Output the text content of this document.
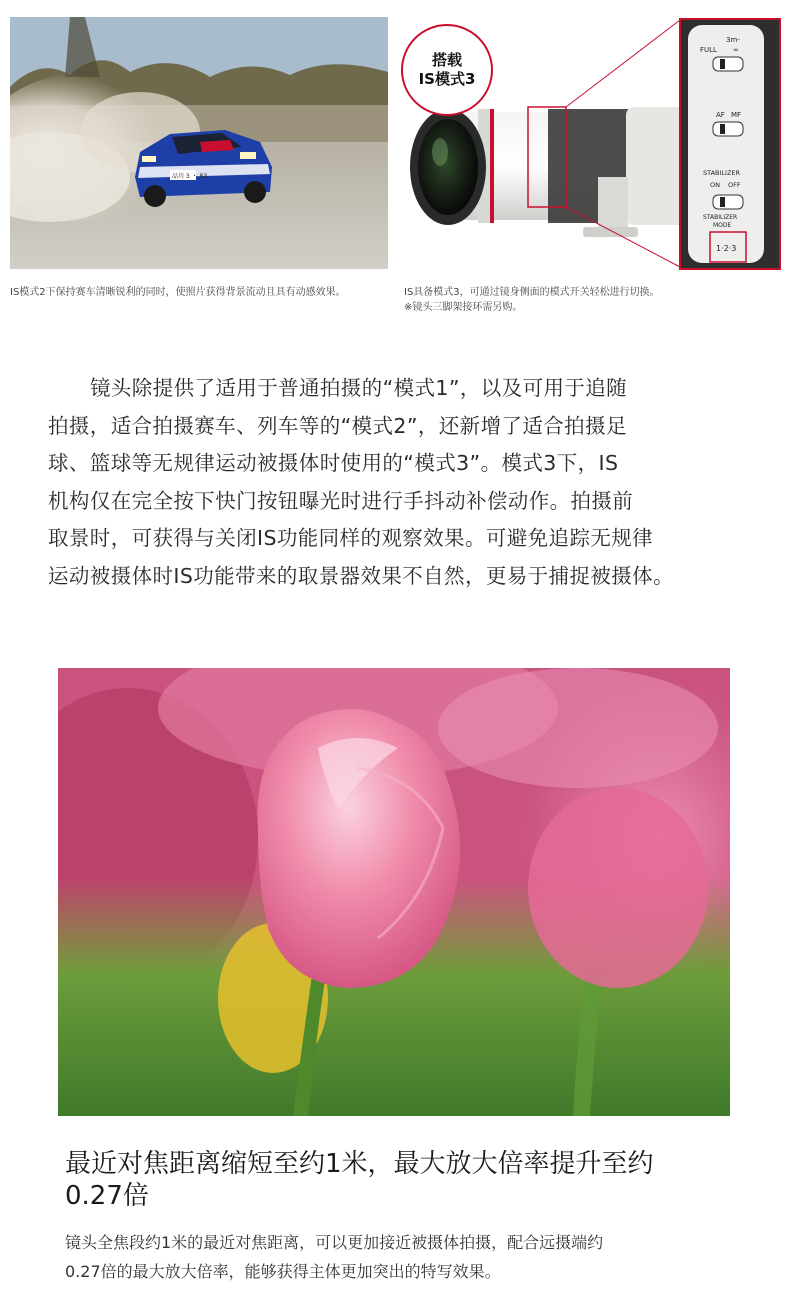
品川 3 ・ 83
IS模式2下保持赛车清晰锐利的同时，使照片获得背景流动且具有动感效果。
3m-
FULL ∞
AF MF
STABILIZER
ON OFF
STABILIZER
MODE
1·2·3
搭载
IS模式3
IS具备模式3，可通过镜身侧面的模式开关轻松进行切换。
※镜头三脚架接环需另购。
镜头除提供了适用于普通拍摄的“模式1”，以及可用于追随
拍摄，适合拍摄赛车、列车等的“模式2”，还新增了适合拍摄足
球、篮球等无规律运动被摄体时使用的“模式3”。模式3下，IS
机构仅在完全按下快门按钮曝光时进行手抖动补偿动作。拍摄前
取景时，可获得与关闭IS功能同样的观察效果。可避免追踪无规律
运动被摄体时IS功能带来的取景器效果不自然，更易于捕捉被摄体。
最近对焦距离缩短至约1米，最大放大倍率提升至约
0.27倍
镜头全焦段约1米的最近对焦距离，可以更加接近被摄体拍摄，配合远摄端约
0.27倍的最大放大倍率，能够获得主体更加突出的特写效果。
